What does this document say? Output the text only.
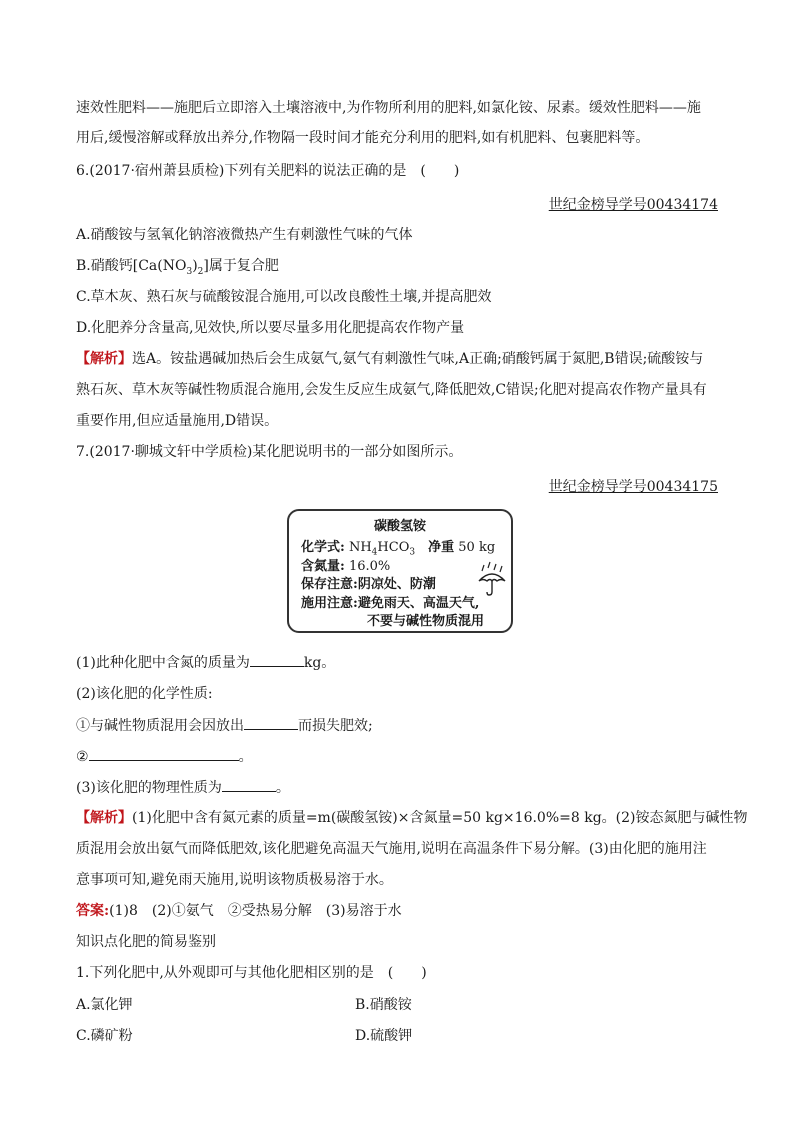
速效性肥料——施肥后立即溶入土壤溶液中,为作物所利用的肥料,如氯化铵、尿素。缓效性肥料——施
用后,缓慢溶解或释放出养分,作物隔一段时间才能充分利用的肥料,如有机肥料、包裹肥料等。
6.(2017·宿州萧县质检)下列有关肥料的说法正确的是　(　　)
世纪金榜导学号00434174
A.硝酸铵与氢氧化钠溶液微热产生有刺激性气味的气体
B.硝酸钙$[Ca(NO_3)_2]$属于复合肥
C.草木灰、熟石灰与硫酸铵混合施用,可以改良酸性土壤,并提高肥效
D.化肥养分含量高,见效快,所以要尽量多用化肥提高农作物产量
【解析】选A。铵盐遇碱加热后会生成氨气,氨气有刺激性气味,A正确;硝酸钙属于氮肥,B错误;硫酸铵与
熟石灰、草木灰等碱性物质混合施用,会发生反应生成氨气,降低肥效,C错误;化肥对提高农作物产量具有
重要作用,但应适量施用,D错误。
7.(2017·聊城文轩中学质检)某化肥说明书的一部分如图所示。
世纪金榜导学号00434175
碳酸氢铵
化学式: $NH_4HCO_3$　 净重 50 kg
含氮量: 16.0%
保存注意:阴凉处、防潮
施用注意:避免雨天、高温天气,
不要与碱性物质混用
(1)此种化肥中含氮的质量为	kg。
(2)该化肥的化学性质:
①与碱性物质混用会因放出	而损失肥效;
②	。
(3)该化肥的物理性质为	。
【解析】(1)化肥中含有氮元素的质量=m(碳酸氢铵)×含氮量=50 kg×16.0%=8 kg。(2)铵态氮肥与碱性物
质混用会放出氨气而降低肥效,该化肥避免高温天气施用,说明在高温条件下易分解。(3)由化肥的施用注
意事项可知,避免雨天施用,说明该物质极易溶于水。
答案:(1)8　(2)①氨气　②受热易分解　(3)易溶于水
知识点化肥的简易鉴别
1.下列化肥中,从外观即可与其他化肥相区别的是　(　　)
A.氯化钾	B.硝酸铵
C.磷矿粉	D.硫酸钾
